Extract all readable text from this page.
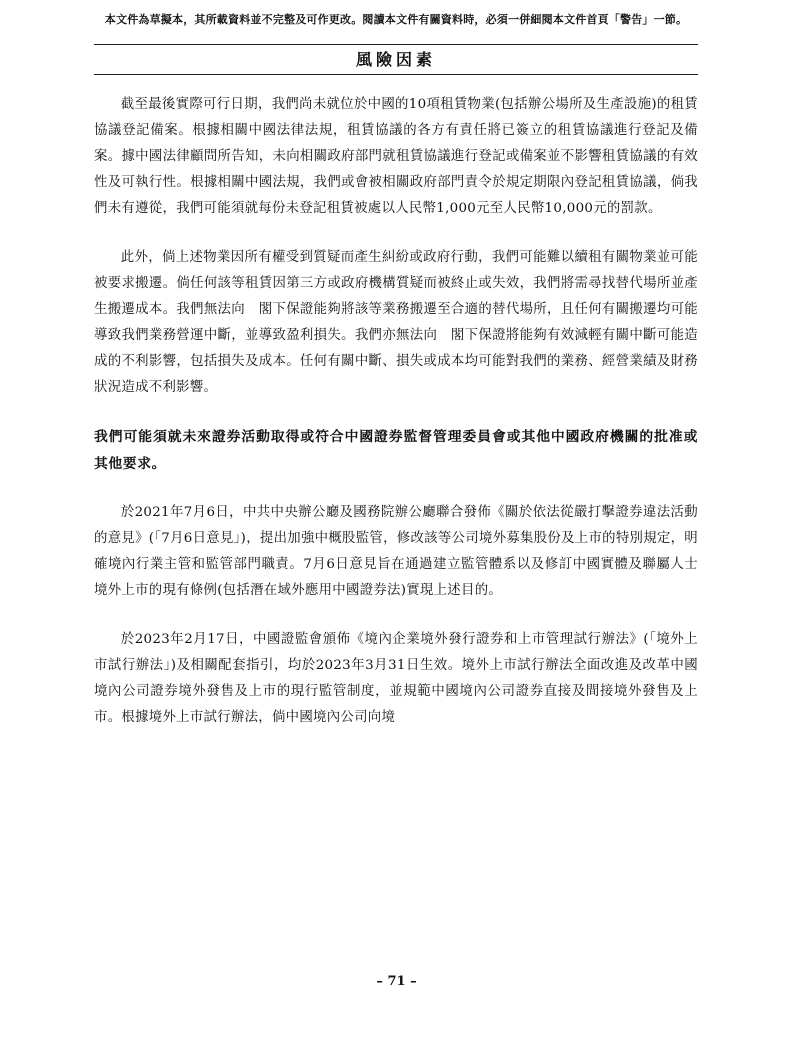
本文件為草擬本，其所載資料並不完整及可作更改。閱讀本文件有關資料時，必須一併細閱本文件首頁「警告」一節。
風險因素

截至最後實際可行日期，我們尚未就位於中國的10項租賃物業(包括辦公場所及生產設施)的租賃協議登記備案。根據相關中國法律法規，租賃協議的各方有責任將已簽立的租賃協議進行登記及備案。據中國法律顧問所告知，未向相關政府部門就租賃協議進行登記或備案並不影響租賃協議的有效性及可執行性。根據相關中國法規，我們或會被相關政府部門責令於規定期限內登記租賃協議，倘我們未有遵從，我們可能須就每份未登記租賃被處以人民幣1,000元至人民幣10,000元的罰款。

此外，倘上述物業因所有權受到質疑而產生糾紛或政府行動，我們可能難以續租有關物業並可能被要求搬遷。倘任何該等租賃因第三方或政府機構質疑而被終止或失效，我們將需尋找替代場所並產生搬遷成本。我們無法向　閣下保證能夠將該等業務搬遷至合適的替代場所，且任何有關搬遷均可能導致我們業務營運中斷，並導致盈利損失。我們亦無法向　閣下保證將能夠有效減輕有關中斷可能造成的不利影響，包括損失及成本。任何有關中斷、損失或成本均可能對我們的業務、經營業績及財務狀況造成不利影響。

我們可能須就未來證券活動取得或符合中國證券監督管理委員會或其他中國政府機關的批准或其他要求。

於2021年7月6日，中共中央辦公廳及國務院辦公廳聯合發佈《關於依法從嚴打擊證券違法活動的意見》(「7月6日意見」)，提出加強中概股監管，修改該等公司境外募集股份及上市的特別規定，明確境內行業主管和監管部門職責。7月6日意見旨在通過建立監管體系以及修訂中國實體及聯屬人士境外上市的現有條例(包括潛在域外應用中國證券法)實現上述目的。

於2023年2月17日，中國證監會頒佈《境內企業境外發行證券和上市管理試行辦法》(「境外上市試行辦法」)及相關配套指引，均於2023年3月31日生效。境外上市試行辦法全面改進及改革中國境內公司證券境外發售及上市的現行監管制度，並規範中國境內公司證券直接及間接境外發售及上市。根據境外上市試行辦法，倘中國境內公司向境

– 71 –
